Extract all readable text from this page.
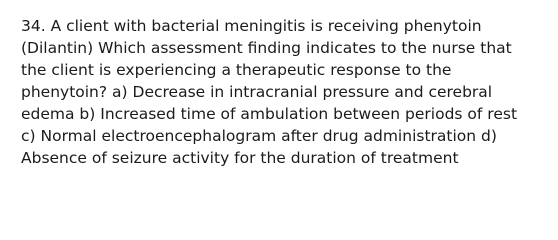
34. A client with bacterial meningitis is receiving phenytoin
(Dilantin) Which assessment finding indicates to the nurse that
the client is experiencing a therapeutic response to the
phenytoin? a) Decrease in intracranial pressure and cerebral
edema b) Increased time of ambulation between periods of rest
c) Normal electroencephalogram after drug administration d)
Absence of seizure activity for the duration of treatment
